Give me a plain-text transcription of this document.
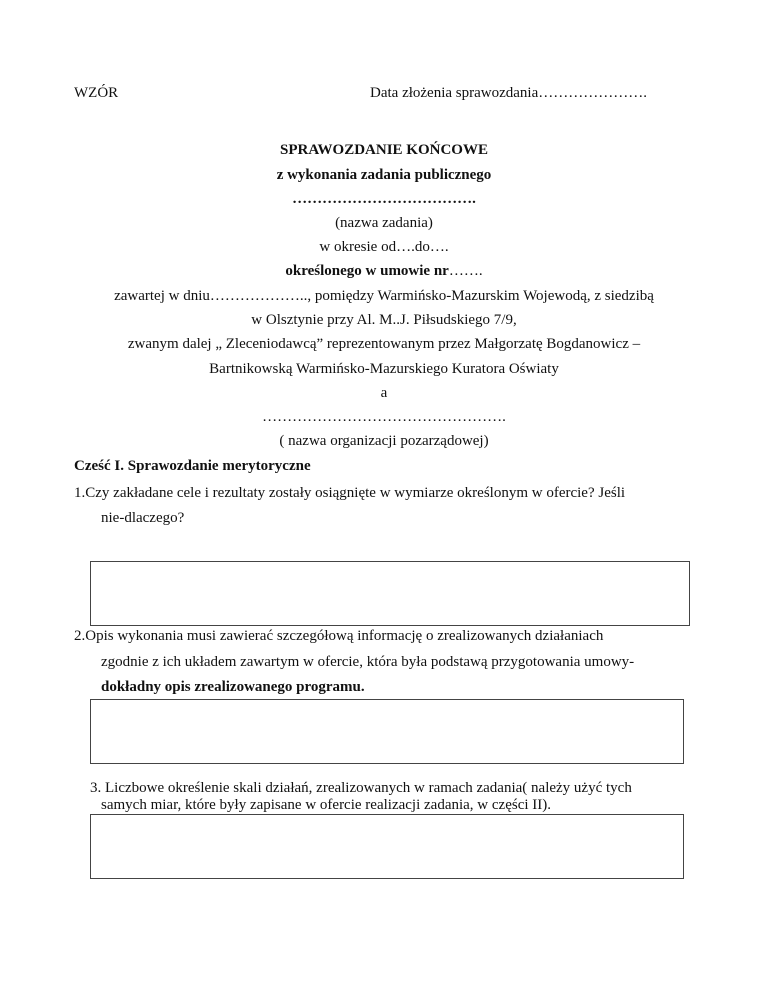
WZÓR	Data złożenia sprawozdania………………….
SPRAWOZDANIE KOŃCOWE
z wykonania zadania publicznego
……………………………….
(nazwa zadania)
w okresie od….do….
określonego w umowie nr…….
zawartej w dniu……………….., pomiędzy Warmińsko-Mazurskim Wojewodą, z siedzibą
w Olsztynie przy Al. M..J. Piłsudskiego 7/9,
zwanym dalej „ Zleceniodawcą” reprezentowanym przez Małgorzatę Bogdanowicz –
Bartnikowską Warmińsko-Mazurskiego Kuratora Oświaty
a
………………………………………….
( nazwa organizacji pozarządowej)
Cześć I. Sprawozdanie merytoryczne
1.Czy zakładane cele i rezultaty zostały osiągnięte w wymiarze określonym w ofercie? Jeśli
nie-dlaczego?
2.Opis wykonania musi zawierać szczegółową informację o zrealizowanych działaniach
zgodnie z ich układem zawartym w ofercie, która była podstawą przygotowania umowy-
dokładny opis zrealizowanego programu.
3. Liczbowe określenie skali działań, zrealizowanych w ramach zadania( należy użyć tych
samych miar, które były zapisane w ofercie realizacji zadania, w części II).
